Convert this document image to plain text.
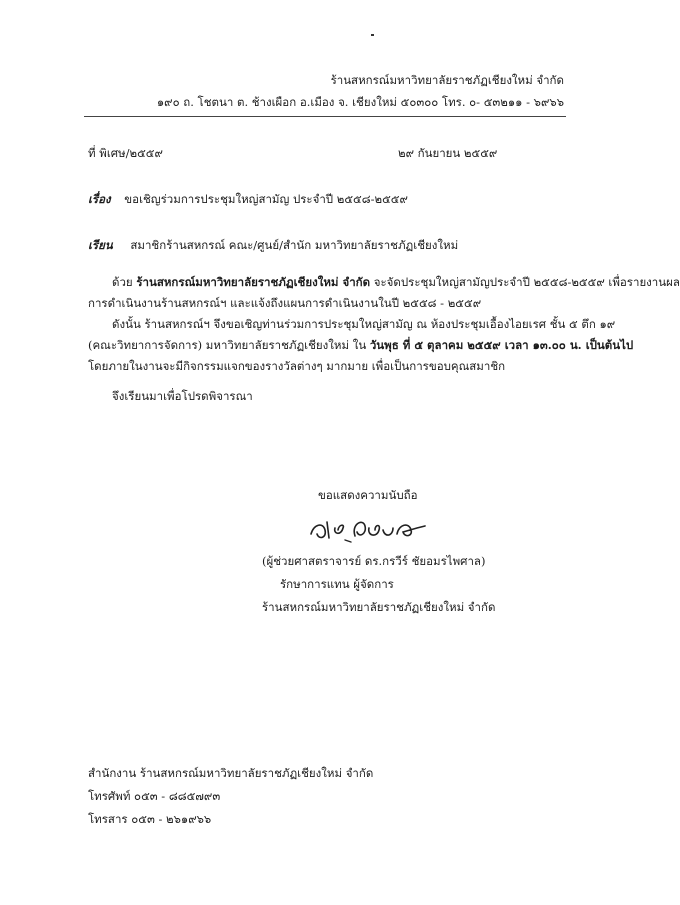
ร้านสหกรณ์มหาวิทยาลัยราชภัฏเชียงใหม่ จำกัด
๑๙๐ ถ. โชตนา ต. ช้างเผือก อ.เมือง จ. เชียงใหม่ ๕๐๓๐๐ โทร. ๐- ๕๓๒๑๑ - ๖๙๖๖
ที่ พิเศษ/๒๕๕๙	๒๙ กันยายน ๒๕๕๙
เรื่อง ขอเชิญร่วมการประชุมใหญ่สามัญ ประจำปี ๒๕๕๘-๒๕๕๙
เรียน สมาชิกร้านสหกรณ์ คณะ/ศูนย์/สำนัก มหาวิทยาลัยราชภัฏเชียงใหม่

ด้วย ร้านสหกรณ์มหาวิทยาลัยราชภัฏเชียงใหม่ จำกัด จะจัดประชุมใหญ่สามัญประจำปี ๒๕๕๘-๒๕๕๙ เพื่อรายงานผล

การดำเนินงานร้านสหกรณ์ฯ และแจ้งถึงแผนการดำเนินงานในปี ๒๕๕๘ - ๒๕๕๙

ดังนั้น ร้านสหกรณ์ฯ จึงขอเชิญท่านร่วมการประชุมใหญ่สามัญ ณ ห้องประชุมเอื้องไอยเรศ ชั้น ๕ ตึก ๑๙

(คณะวิทยาการจัดการ) มหาวิทยาลัยราชภัฏเชียงใหม่ ใน วันพุธ ที่ ๕ ตุลาคม ๒๕๕๙ เวลา ๑๓.๐๐ น. เป็นต้นไป

โดยภายในงานจะมีกิจกรรมแจกของรางวัลต่างๆ มากมาย เพื่อเป็นการขอบคุณสมาชิก

จึงเรียนมาเพื่อโปรดพิจารณา
ขอแสดงความนับถือ
(ผู้ช่วยศาสตราจารย์ ดร.กรวีร์ ชัยอมรไพศาล)
รักษาการแทน ผู้จัดการ
ร้านสหกรณ์มหาวิทยาลัยราชภัฏเชียงใหม่ จำกัด
สำนักงาน ร้านสหกรณ์มหาวิทยาลัยราชภัฏเชียงใหม่ จำกัด
โทรศัพท์ ๐๕๓ - ๘๘๕๗๙๓
โทรสาร ๐๕๓ - ๒๖๑๙๖๖
